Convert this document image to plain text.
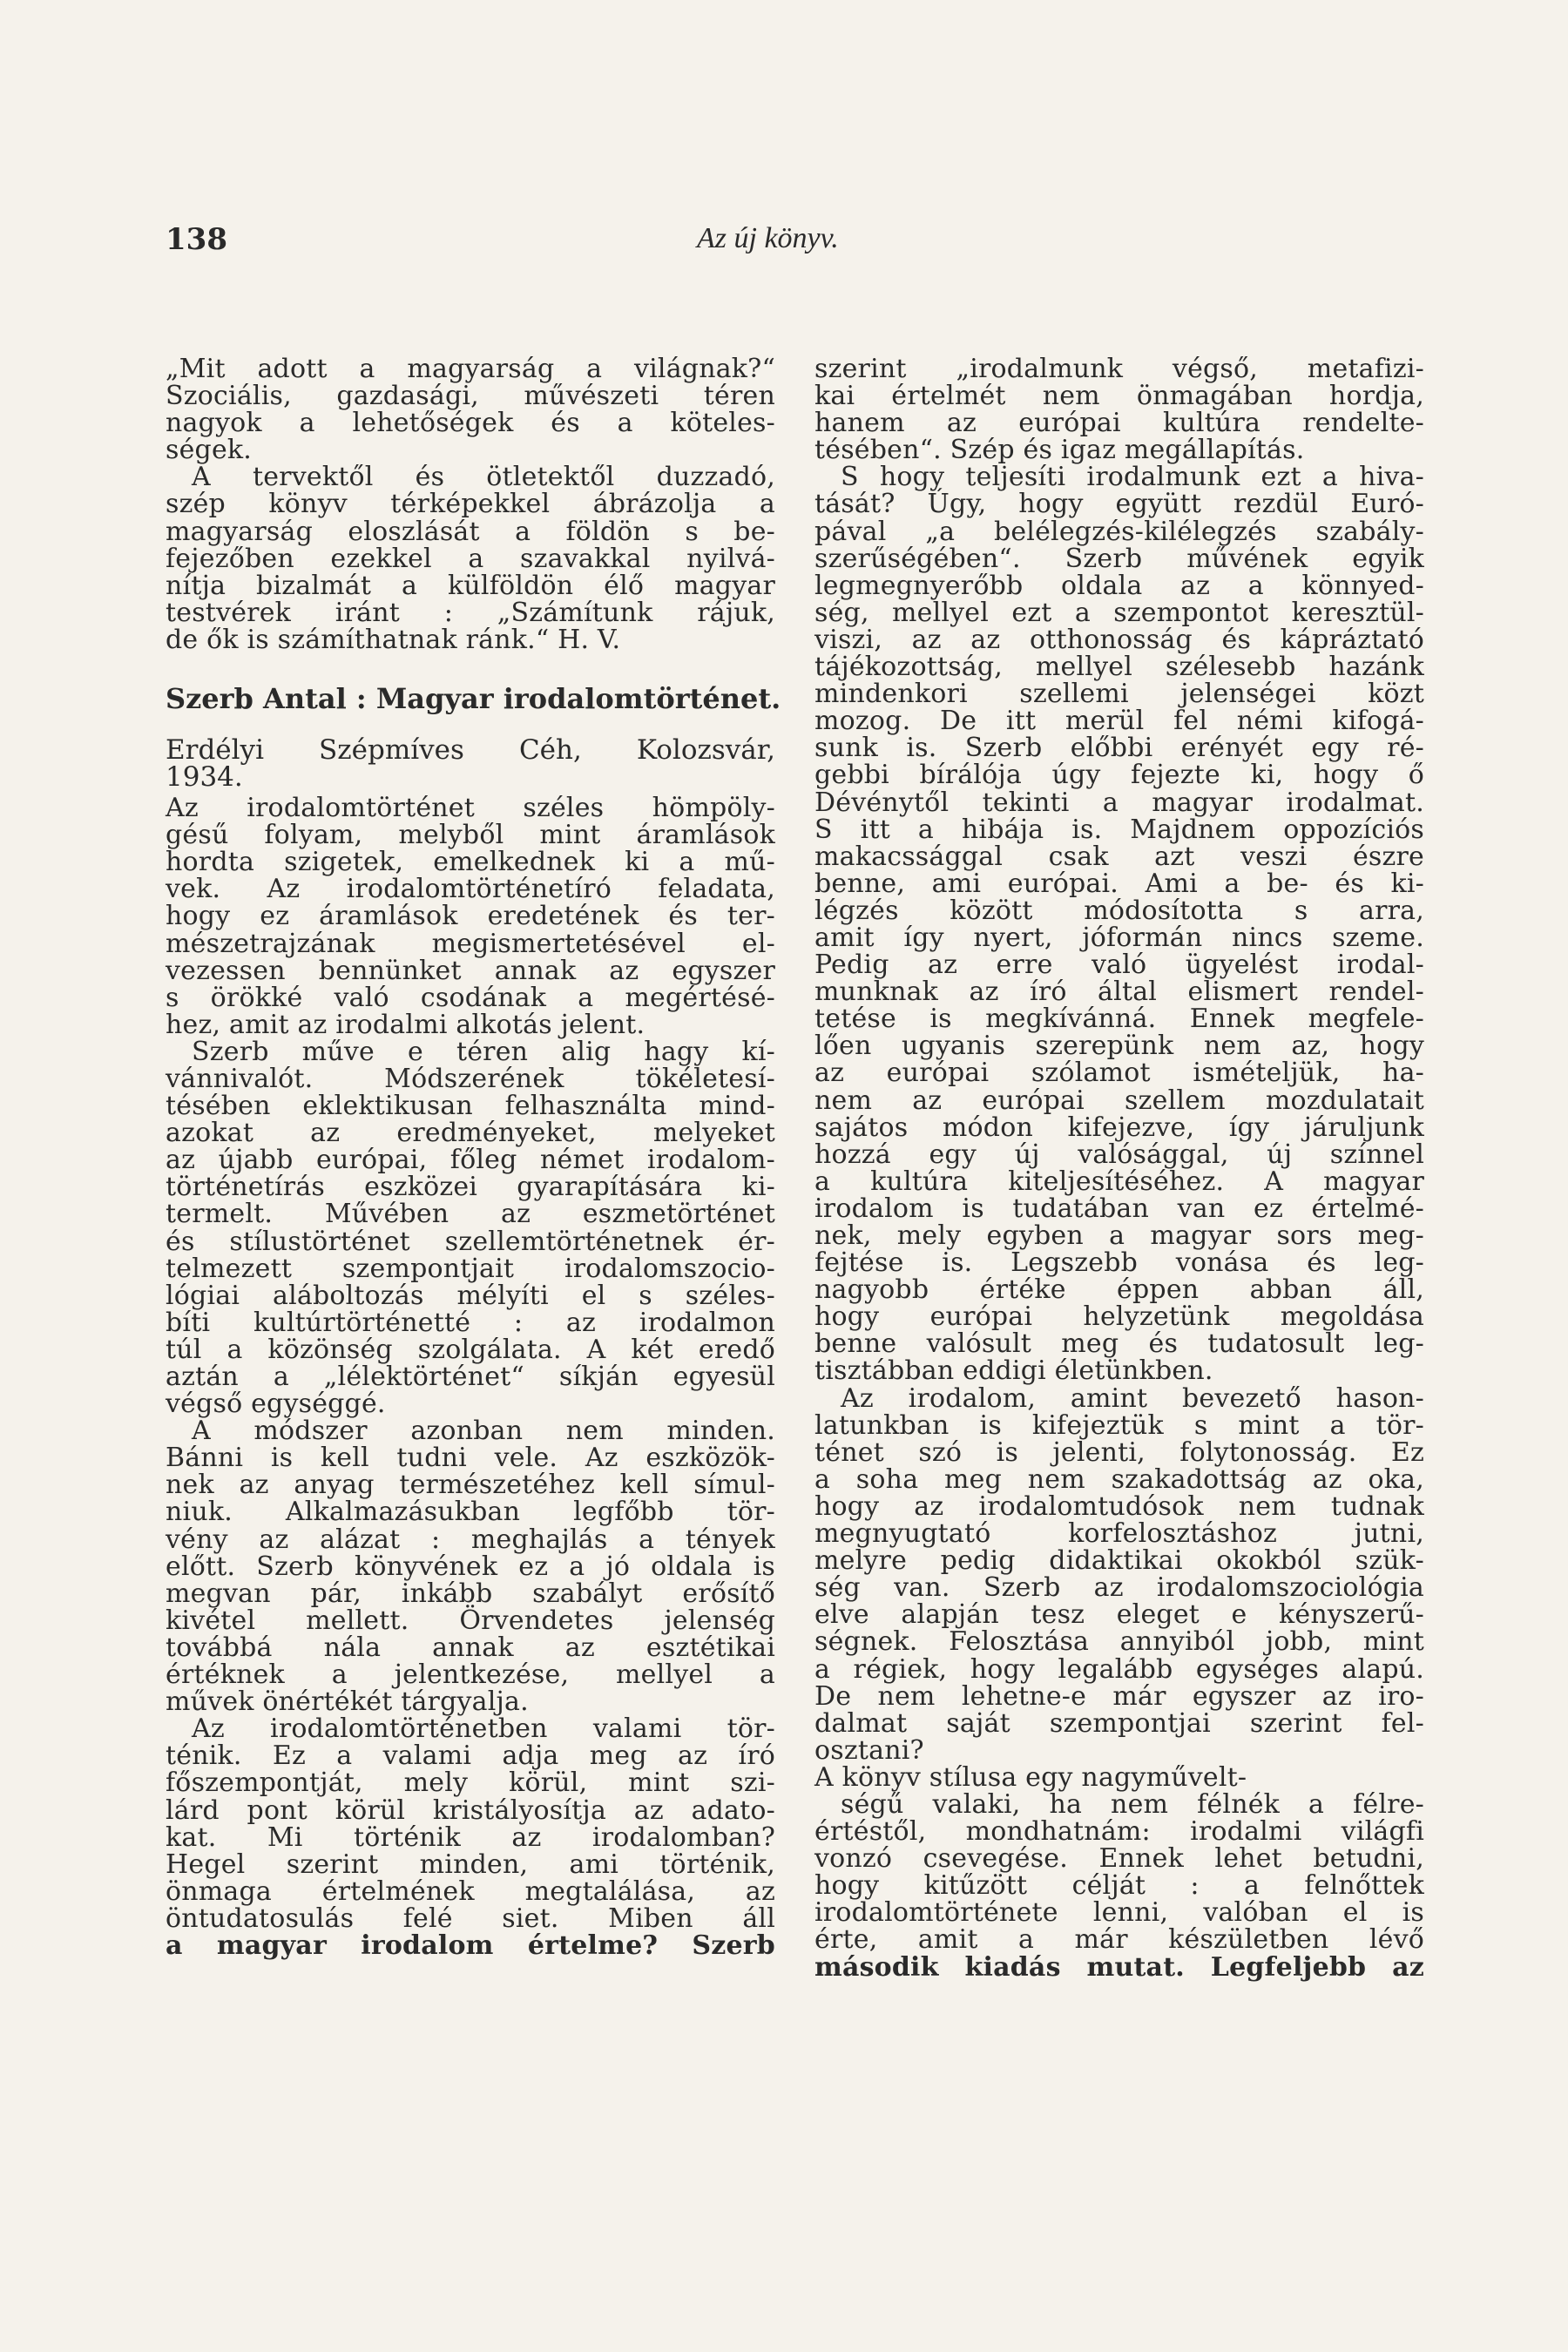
138	Az új könyv.
„Mit adott a magyarság a világnak?“
Szociális, gazdasági, művészeti téren
nagyok a lehetőségek és a köteles-
ségek.
A tervektől és ötletektől duzzadó,
szép könyv térképekkel ábrázolja a
magyarság eloszlását a földön s be-
fejezőben ezekkel a szavakkal nyilvá-
nítja bizalmát a külföldön élő magyar
testvérek iránt : „Számítunk rájuk,
de ők is számíthatnak ránk.“ H. V.
Szerb Antal : Magyar irodalomtörténet.
Erdélyi Szépmíves Céh, Kolozsvár,
1934.
Az irodalomtörténet széles hömpöly-
gésű folyam, melyből mint áramlások
hordta szigetek, emelkednek ki a mű-
vek. Az irodalomtörténetíró feladata,
hogy ez áramlások eredetének és ter-
mészetrajzának megismertetésével el-
vezessen bennünket annak az egyszer
s örökké való csodának a megértésé-
hez, amit az irodalmi alkotás jelent.
Szerb műve e téren alig hagy kí-
vánnivalót. Módszerének tökéletesí-
tésében eklektikusan felhasználta mind-
azokat az eredményeket, melyeket
az újabb európai, főleg német irodalom-
történetírás eszközei gyarapítására ki-
termelt. Művében az eszmetörténet
és stílustörténet szellemtörténetnek ér-
telmezett szempontjait irodalomszocio-
lógiai aláboltozás mélyíti el s széles-
bíti kultúrtörténetté : az irodalmon
túl a közönség szolgálata. A két eredő
aztán a „lélektörténet“ síkján egyesül
végső egységgé.
A módszer azonban nem minden.
Bánni is kell tudni vele. Az eszközök-
nek az anyag természetéhez kell símul-
niuk. Alkalmazásukban legfőbb tör-
vény az alázat : meghajlás a tények
előtt. Szerb könyvének ez a jó oldala is
megvan pár, inkább szabályt erősítő
kivétel mellett. Örvendetes jelenség
továbbá nála annak az esztétikai
értéknek a jelentkezése, mellyel a
művek önértékét tárgyalja.
Az irodalomtörténetben valami tör-
ténik. Ez a valami adja meg az író
főszempontját, mely körül, mint szi-
lárd pont körül kristályosítja az adato-
kat. Mi történik az irodalomban?
Hegel szerint minden, ami történik,
önmaga értelmének megtalálása, az
öntudatosulás felé siet. Miben áll
a magyar irodalom értelme? Szerb
szerint „irodalmunk végső, metafizi-
kai értelmét nem önmagában hordja,
hanem az európai kultúra rendelte-
tésében“. Szép és igaz megállapítás.
S hogy teljesíti irodalmunk ezt a hiva-
tását? Úgy, hogy együtt rezdül Euró-
pával „a belélegzés-kilélegzés szabály-
szerűségében“. Szerb művének egyik
legmegnyerőbb oldala az a könnyed-
ség, mellyel ezt a szempontot keresztül-
viszi, az az otthonosság és kápráztató
tájékozottság, mellyel szélesebb hazánk
mindenkori szellemi jelenségei közt
mozog. De itt merül fel némi kifogá-
sunk is. Szerb előbbi erényét egy ré-
gebbi bírálója úgy fejezte ki, hogy ő
Dévénytől tekinti a magyar irodalmat.
S itt a hibája is. Majdnem oppozíciós
makacssággal csak azt veszi észre
benne, ami európai. Ami a be- és ki-
légzés között módosította s arra,
amit így nyert, jóformán nincs szeme.
Pedig az erre való ügyelést irodal-
munknak az író által elismert rendel-
tetése is megkívánná. Ennek megfele-
lően ugyanis szerepünk nem az, hogy
az európai szólamot ismételjük, ha-
nem az európai szellem mozdulatait
sajátos módon kifejezve, így járuljunk
hozzá egy új valósággal, új színnel
a kultúra kiteljesítéséhez. A magyar
irodalom is tudatában van ez értelmé-
nek, mely egyben a magyar sors meg-
fejtése is. Legszebb vonása és leg-
nagyobb értéke éppen abban áll,
hogy európai helyzetünk megoldása
benne valósult meg és tudatosult leg-
tisztábban eddigi életünkben.
Az irodalom, amint bevezető hason-
latunkban is kifejeztük s mint a tör-
ténet szó is jelenti, folytonosság. Ez
a soha meg nem szakadottság az oka,
hogy az irodalomtudósok nem tudnak
megnyugtató korfelosztáshoz jutni,
melyre pedig didaktikai okokból szük-
ség van. Szerb az irodalomszociológia
elve alapján tesz eleget e kényszerű-
ségnek. Felosztása annyiból jobb, mint
a régiek, hogy legalább egységes alapú.
De nem lehetne-e már egyszer az iro-
dalmat saját szempontjai szerint fel-
osztani?
A könyv stílusa egy nagyművelt-
ségű valaki, ha nem félnék a félre-
értéstől, mondhatnám: irodalmi világfi
vonzó csevegése. Ennek lehet betudni,
hogy kitűzött célját : a felnőttek
irodalomtörténete lenni, valóban el is
érte, amit a már készületben lévő
második kiadás mutat. Legfeljebb az
